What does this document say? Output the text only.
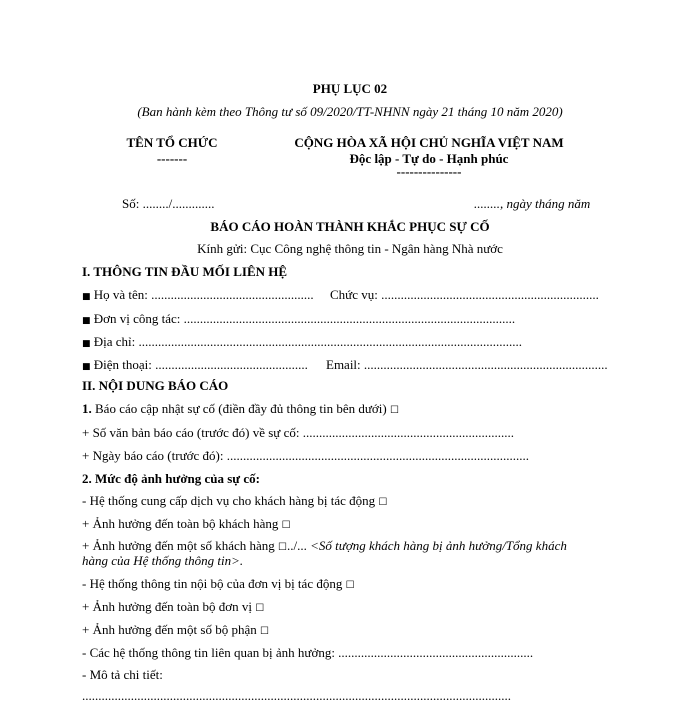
PHỤ LỤC 02
(Ban hành kèm theo Thông tư số 09/2020/TT-NHNN ngày 21 tháng 10 năm 2020)
TÊN TỔ CHỨC
-------
CỘNG HÒA XÃ HỘI CHỦ NGHĨA VIỆT NAM
Độc lập - Tự do - Hạnh phúc
---------------
Số: ......../.............	........, ngày tháng năm
BÁO CÁO HOÀN THÀNH KHẮC PHỤC SỰ CỐ
Kính gửi: Cục Công nghệ thông tin - Ngân hàng Nhà nước
I. THÔNG TIN ĐẦU MỐI LIÊN HỆ
■ Họ và tên: .................................................. Chức vụ: ...................................................................
■ Đơn vị công tác: ......................................................................................................
■ Địa chỉ: ......................................................................................................................
■ Điện thoại: ............................................... Email: ...........................................................................
II. NỘI DUNG BÁO CÁO
1. Báo cáo cập nhật sự cố (điền đầy đủ thông tin bên dưới) ☐
+ Số văn bản báo cáo (trước đó) về sự cố: .................................................................
+ Ngày báo cáo (trước đó): .............................................................................................
2. Mức độ ảnh hưởng của sự cố:
- Hệ thống cung cấp dịch vụ cho khách hàng bị tác động ☐
+ Ảnh hưởng đến toàn bộ khách hàng ☐
+ Ảnh hưởng đến một số khách hàng ☐../... <Số tượng khách hàng bị ảnh hưởng/Tổng khách
hàng của Hệ thống thông tin>.
- Hệ thống thông tin nội bộ của đơn vị bị tác động ☐
+ Ảnh hưởng đến toàn bộ đơn vị ☐
+ Ảnh hưởng đến một số bộ phận ☐
- Các hệ thống thông tin liên quan bị ảnh hưởng: ............................................................
- Mô tả chi tiết:
....................................................................................................................................
